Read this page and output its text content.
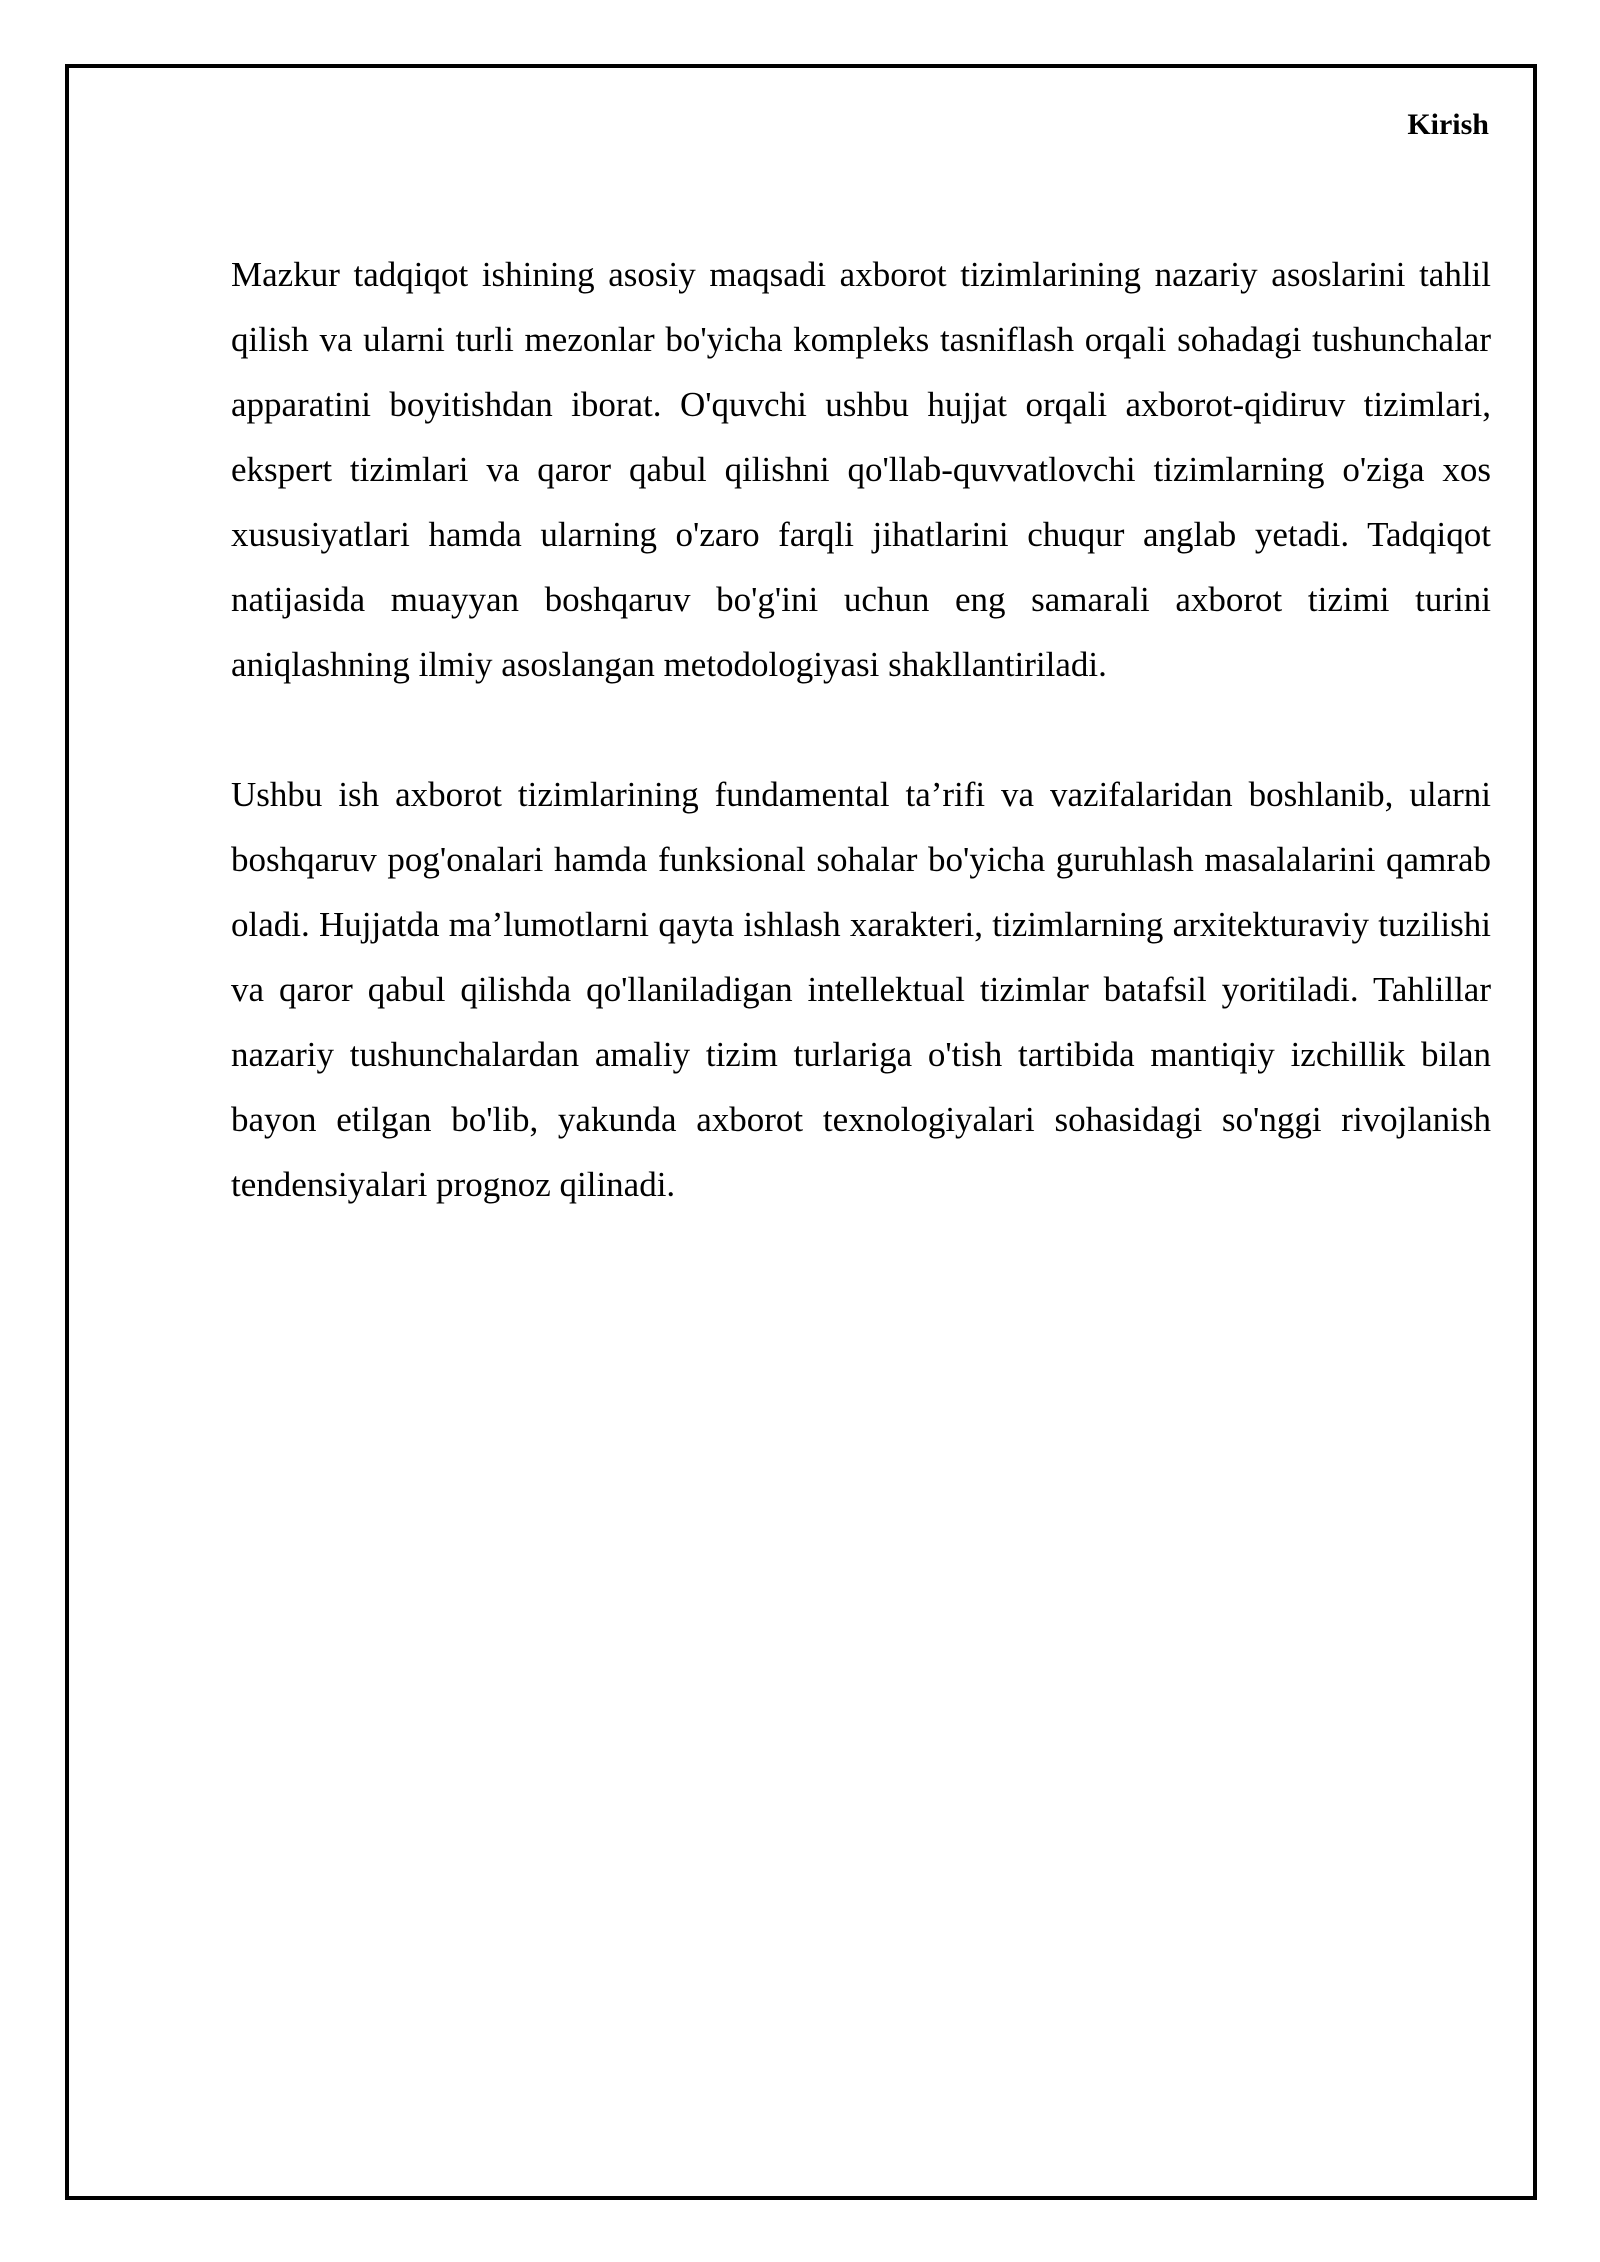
Kirish

Mazkur tadqiqot ishining asosiy maqsadi axborot tizimlarining nazariy asoslarini tahlil qilish va ularni turli mezonlar bo'yicha kompleks tasniflash orqali sohadagi tushunchalar apparatini boyitishdan iborat. O'quvchi ushbu hujjat orqali axborot-qidiruv tizimlari, ekspert tizimlari va qaror qabul qilishni qo'llab-quvvatlovchi tizimlarning o'ziga xos xususiyatlari hamda ularning o'zaro farqli jihatlarini chuqur anglab yetadi. Tadqiqot natijasida muayyan boshqaruv bo'g'ini uchun eng samarali axborot tizimi turini aniqlashning ilmiy asoslangan metodologiyasi shakllantiriladi.

Ushbu ish axborot tizimlarining fundamental ta’rifi va vazifalaridan boshlanib, ularni boshqaruv pog'onalari hamda funksional sohalar bo'yicha guruhlash masalalarini qamrab oladi. Hujjatda ma’lumotlarni qayta ishlash xarakteri, tizimlarning arxitekturaviy tuzilishi va qaror qabul qilishda qo'llaniladigan intellektual tizimlar batafsil yoritiladi. Tahlillar nazariy tushunchalardan amaliy tizim turlariga o'tish tartibida mantiqiy izchillik bilan bayon etilgan bo'lib, yakunda axborot texnologiyalari sohasidagi so'nggi rivojlanish tendensiyalari prognoz qilinadi.
